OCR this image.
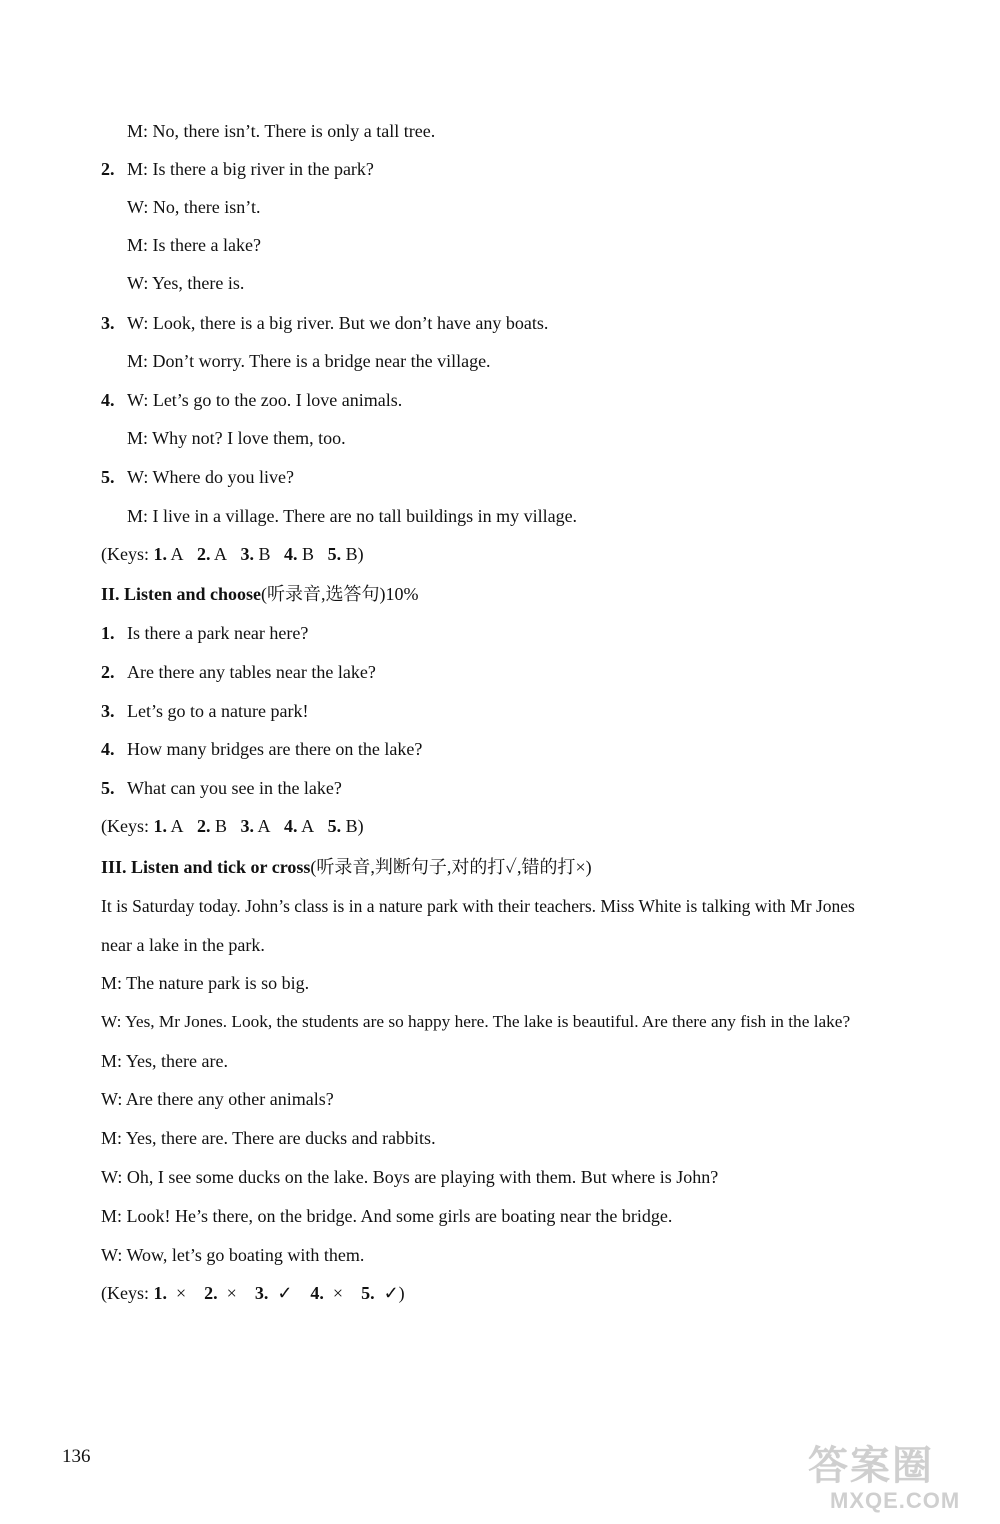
M: No, there isn’t. There is only a tall tree.
2. M: Is there a big river in the park?
W: No, there isn’t.
M: Is there a lake?
W: Yes, there is.
3. W: Look, there is a big river. But we don’t have any boats.
M: Don’t worry. There is a bridge near the village.
4. W: Let’s go to the zoo. I love animals.
M: Why not? I love them, too.
5. W: Where do you live?
M: I live in a village. There are no tall buildings in my village.
(Keys: 1. A 2. A 3. B 4. B 5. B)
II. Listen and choose(听录音,选答句)10%
1. Is there a park near here?
2. Are there any tables near the lake?
3. Let’s go to a nature park!
4. How many bridges are there on the lake?
5. What can you see in the lake?
(Keys: 1. A 2. B 3. A 4. A 5. B)
III. Listen and tick or cross(听录音,判断句子,对的打✓,错的打×)
It is Saturday today. John’s class is in a nature park with their teachers. Miss White is talking with Mr Jones
near a lake in the park.
M: The nature park is so big.
W: Yes, Mr Jones. Look, the students are so happy here. The lake is beautiful. Are there any fish in the lake?
M: Yes, there are.
W: Are there any other animals?
M: Yes, there are. There are ducks and rabbits.
W: Oh, I see some ducks on the lake. Boys are playing with them. But where is John?
M: Look! He’s there, on the bridge. And some girls are boating near the bridge.
W: Wow, let’s go boating with them.
(Keys: 1. × 2. × 3. ✓ 4. × 5. ✓)
136	答案圈
MXQE.COM
